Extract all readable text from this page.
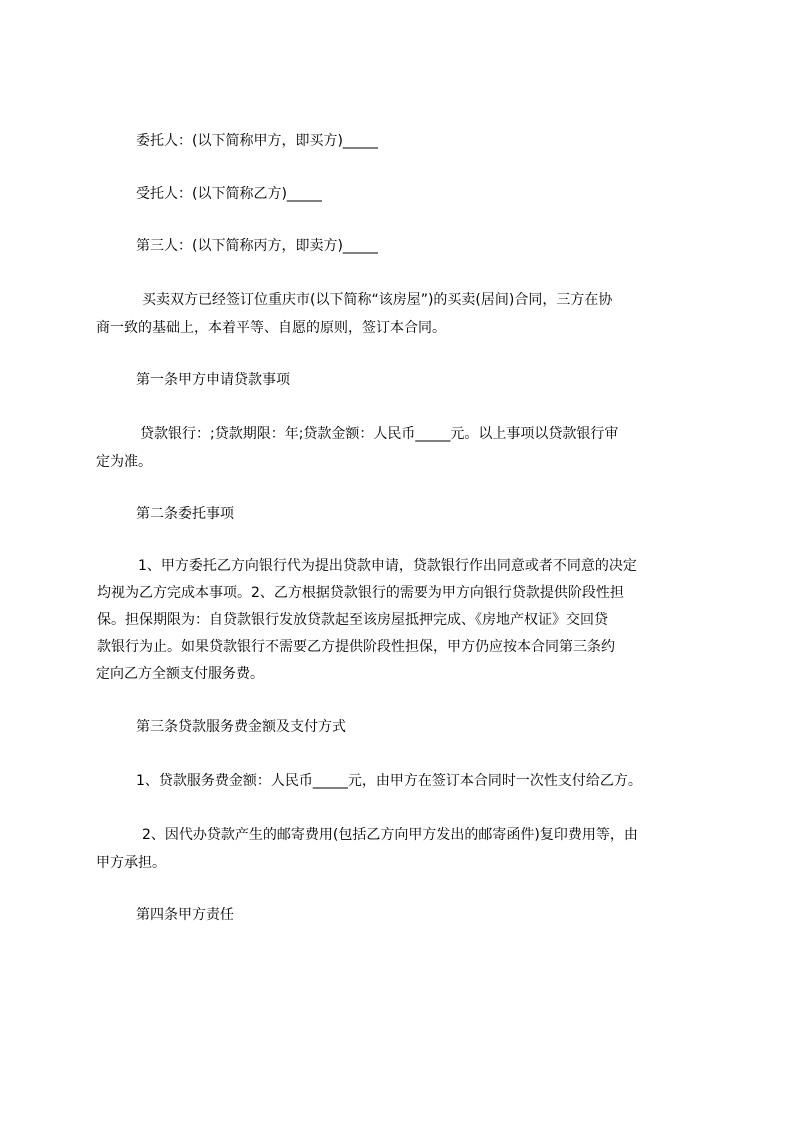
委托人：(以下简称甲方，即买方)_____
受托人：(以下简称乙方)_____
第三人：(以下简称丙方，即卖方)_____
买卖双方已经签订位重庆市(以下简称“该房屋”)的买卖(居间)合同，三方在协
商一致的基础上，本着平等、自愿的原则，签订本合同。
第一条甲方申请贷款事项
贷款银行：;贷款期限：年;贷款金额：人民币_____元。以上事项以贷款银行审
定为准。
第二条委托事项
1、甲方委托乙方向银行代为提出贷款申请，贷款银行作出同意或者不同意的决定
均视为乙方完成本事项。2、乙方根据贷款银行的需要为甲方向银行贷款提供阶段性担
保。担保期限为：自贷款银行发放贷款起至该房屋抵押完成、《房地产权证》交回贷
款银行为止。如果贷款银行不需要乙方提供阶段性担保，甲方仍应按本合同第三条约
定向乙方全额支付服务费。
第三条贷款服务费金额及支付方式
1、贷款服务费金额：人民币_____元，由甲方在签订本合同时一次性支付给乙方。
2、因代办贷款产生的邮寄费用(包括乙方向甲方发出的邮寄函件)复印费用等，由
甲方承担。
第四条甲方责任
